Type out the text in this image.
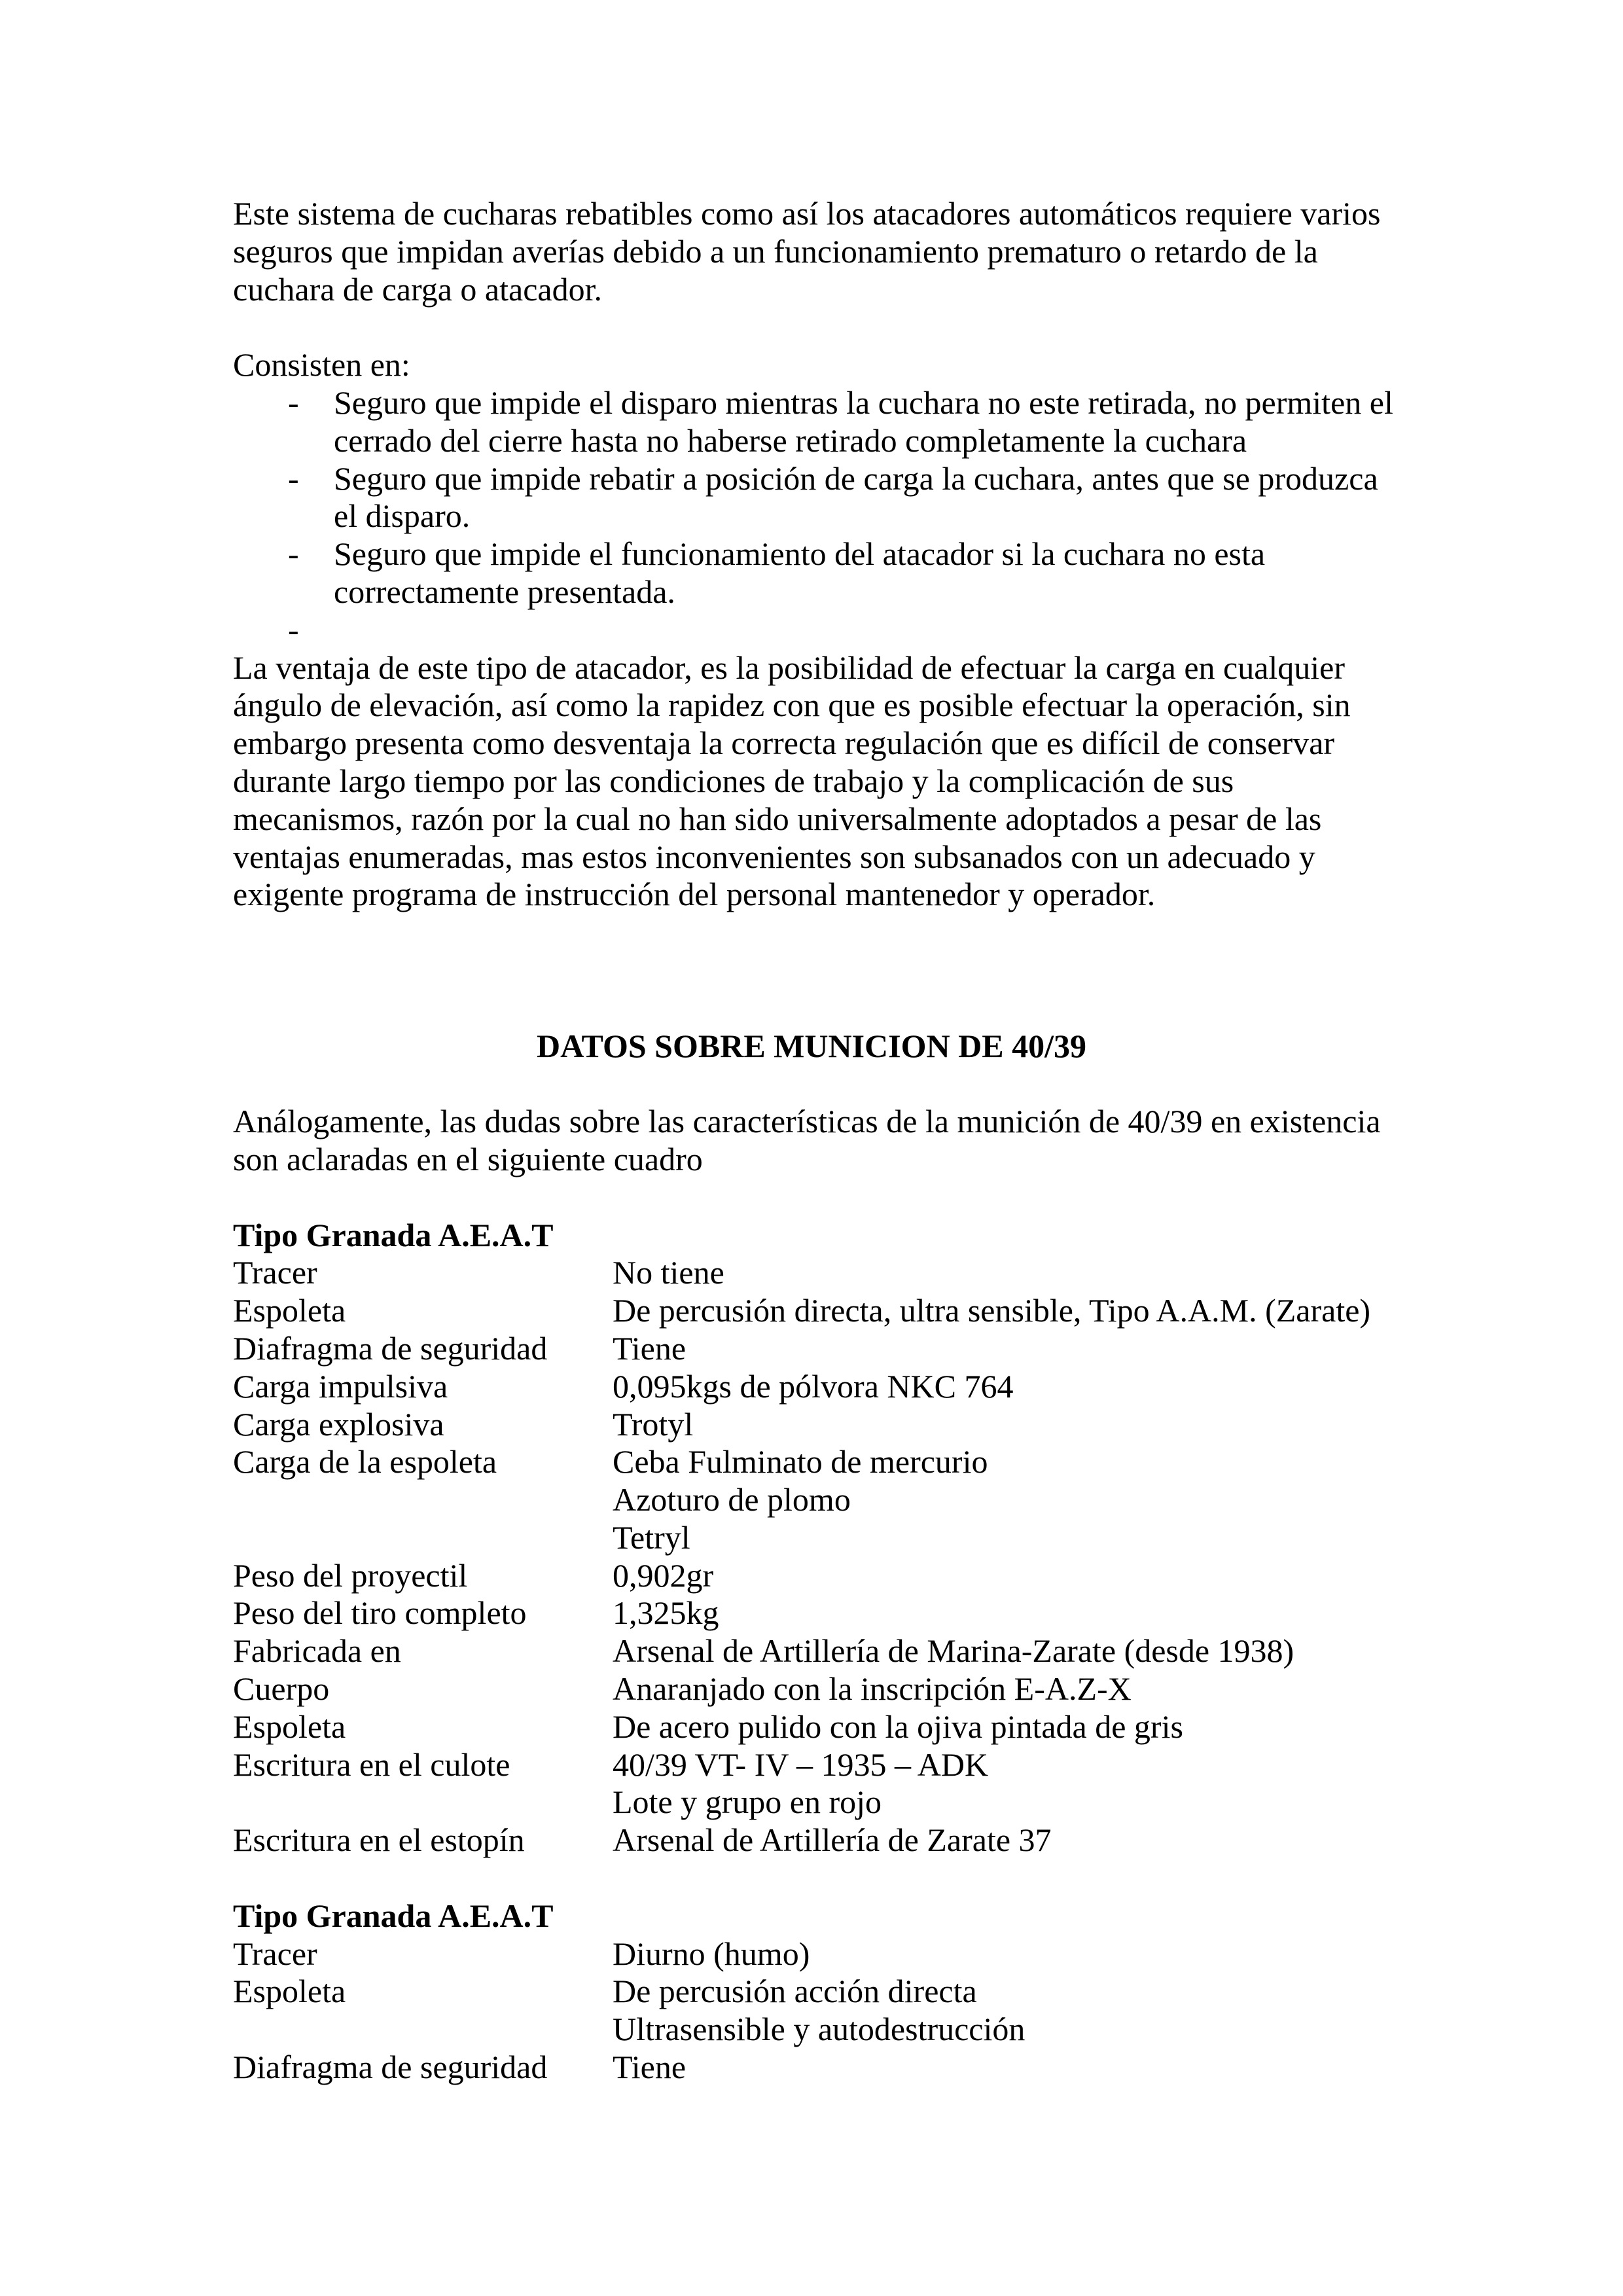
Este sistema de cucharas rebatibles como así los atacadores automáticos requiere varios
seguros que impidan averías debido a un funcionamiento prematuro o retardo de la
cuchara de carga o atacador.
Consisten en:
- Seguro que impide el disparo mientras la cuchara no este retirada, no permiten el
cerrado del cierre hasta no haberse retirado completamente la cuchara
- Seguro que impide rebatir a posición de carga la cuchara, antes que se produzca
el disparo.
- Seguro que impide el funcionamiento del atacador si la cuchara no esta
correctamente presentada.
-
La ventaja de este tipo de atacador, es la posibilidad de efectuar la carga en cualquier
ángulo de elevación, así como la rapidez con que es posible efectuar la operación, sin
embargo presenta como desventaja la correcta regulación que es difícil de conservar
durante largo tiempo por las condiciones de trabajo y la complicación de sus
mecanismos, razón por la cual no han sido universalmente adoptados a pesar de las
ventajas enumeradas, mas estos inconvenientes son subsanados con un adecuado y
exigente programa de instrucción del personal mantenedor y operador.
DATOS SOBRE MUNICION DE 40/39
Análogamente, las dudas sobre las características de la munición de 40/39 en existencia
son aclaradas en el siguiente cuadro
Tipo Granada A.E.A.T
Tracer	No tiene
Espoleta	De percusión directa, ultra sensible, Tipo A.A.M. (Zarate)
Diafragma de seguridad Tiene
Carga impulsiva	0,095kgs de pólvora NKC 764
Carga explosiva	Trotyl
Carga de la espoleta	Ceba Fulminato de mercurio
Azoturo de plomo
Tetryl
Peso del proyectil	0,902gr
Peso del tiro completo	1,325kg
Fabricada en	Arsenal de Artillería de Marina-Zarate (desde 1938)
Cuerpo	Anaranjado con la inscripción E-A.Z-X
Espoleta	De acero pulido con la ojiva pintada de gris
Escritura en el culote	40/39 VT- IV – 1935 – ADK
Lote y grupo en rojo
Escritura en el estopín	Arsenal de Artillería de Zarate 37
Tipo Granada A.E.A.T
Tracer	Diurno (humo)
Espoleta	De percusión acción directa
Ultrasensible y autodestrucción
Diafragma de seguridad Tiene
